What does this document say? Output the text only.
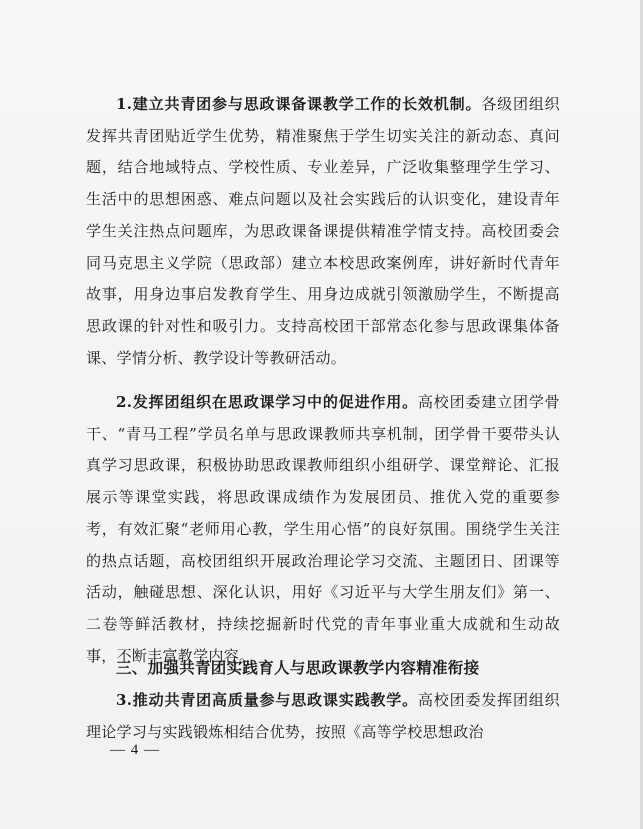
1.建立共青团参与思政课备课教学工作的长效机制。各级团组织发挥共青团贴近学生优势，精准聚焦于学生切实关注的新动态、真问题，结合地域特点、学校性质、专业差异，广泛收集整理学生学习、生活中的思想困惑、难点问题以及社会实践后的认识变化，建设青年学生关注热点问题库，为思政课备课提供精准学情支持。高校团委会同马克思主义学院（思政部）建立本校思政案例库，讲好新时代青年故事，用身边事启发教育学生、用身边成就引领激励学生，不断提高思政课的针对性和吸引力。支持高校团干部常态化参与思政课集体备课、学情分析、教学设计等教研活动。

2.发挥团组织在思政课学习中的促进作用。高校团委建立团学骨干、“青马工程”学员名单与思政课教师共享机制，团学骨干要带头认真学习思政课，积极协助思政课教师组织小组研学、课堂辩论、汇报展示等课堂实践，将思政课成绩作为发展团员、推优入党的重要参考，有效汇聚“老师用心教，学生用心悟”的良好氛围。围绕学生关注的热点话题，高校团组织开展政治理论学习交流、主题团日、团课等活动，触碰思想、深化认识，用好《习近平与大学生朋友们》第一、二卷等鲜活教材，持续挖掘新时代党的青年事业重大成就和生动故事，不断丰富教学内容。

三、加强共青团实践育人与思政课教学内容精准衔接

3.推动共青团高质量参与思政课实践教学。高校团委发挥团组织理论学习与实践锻炼相结合优势，按照《高等学校思想政治

— 4 —
